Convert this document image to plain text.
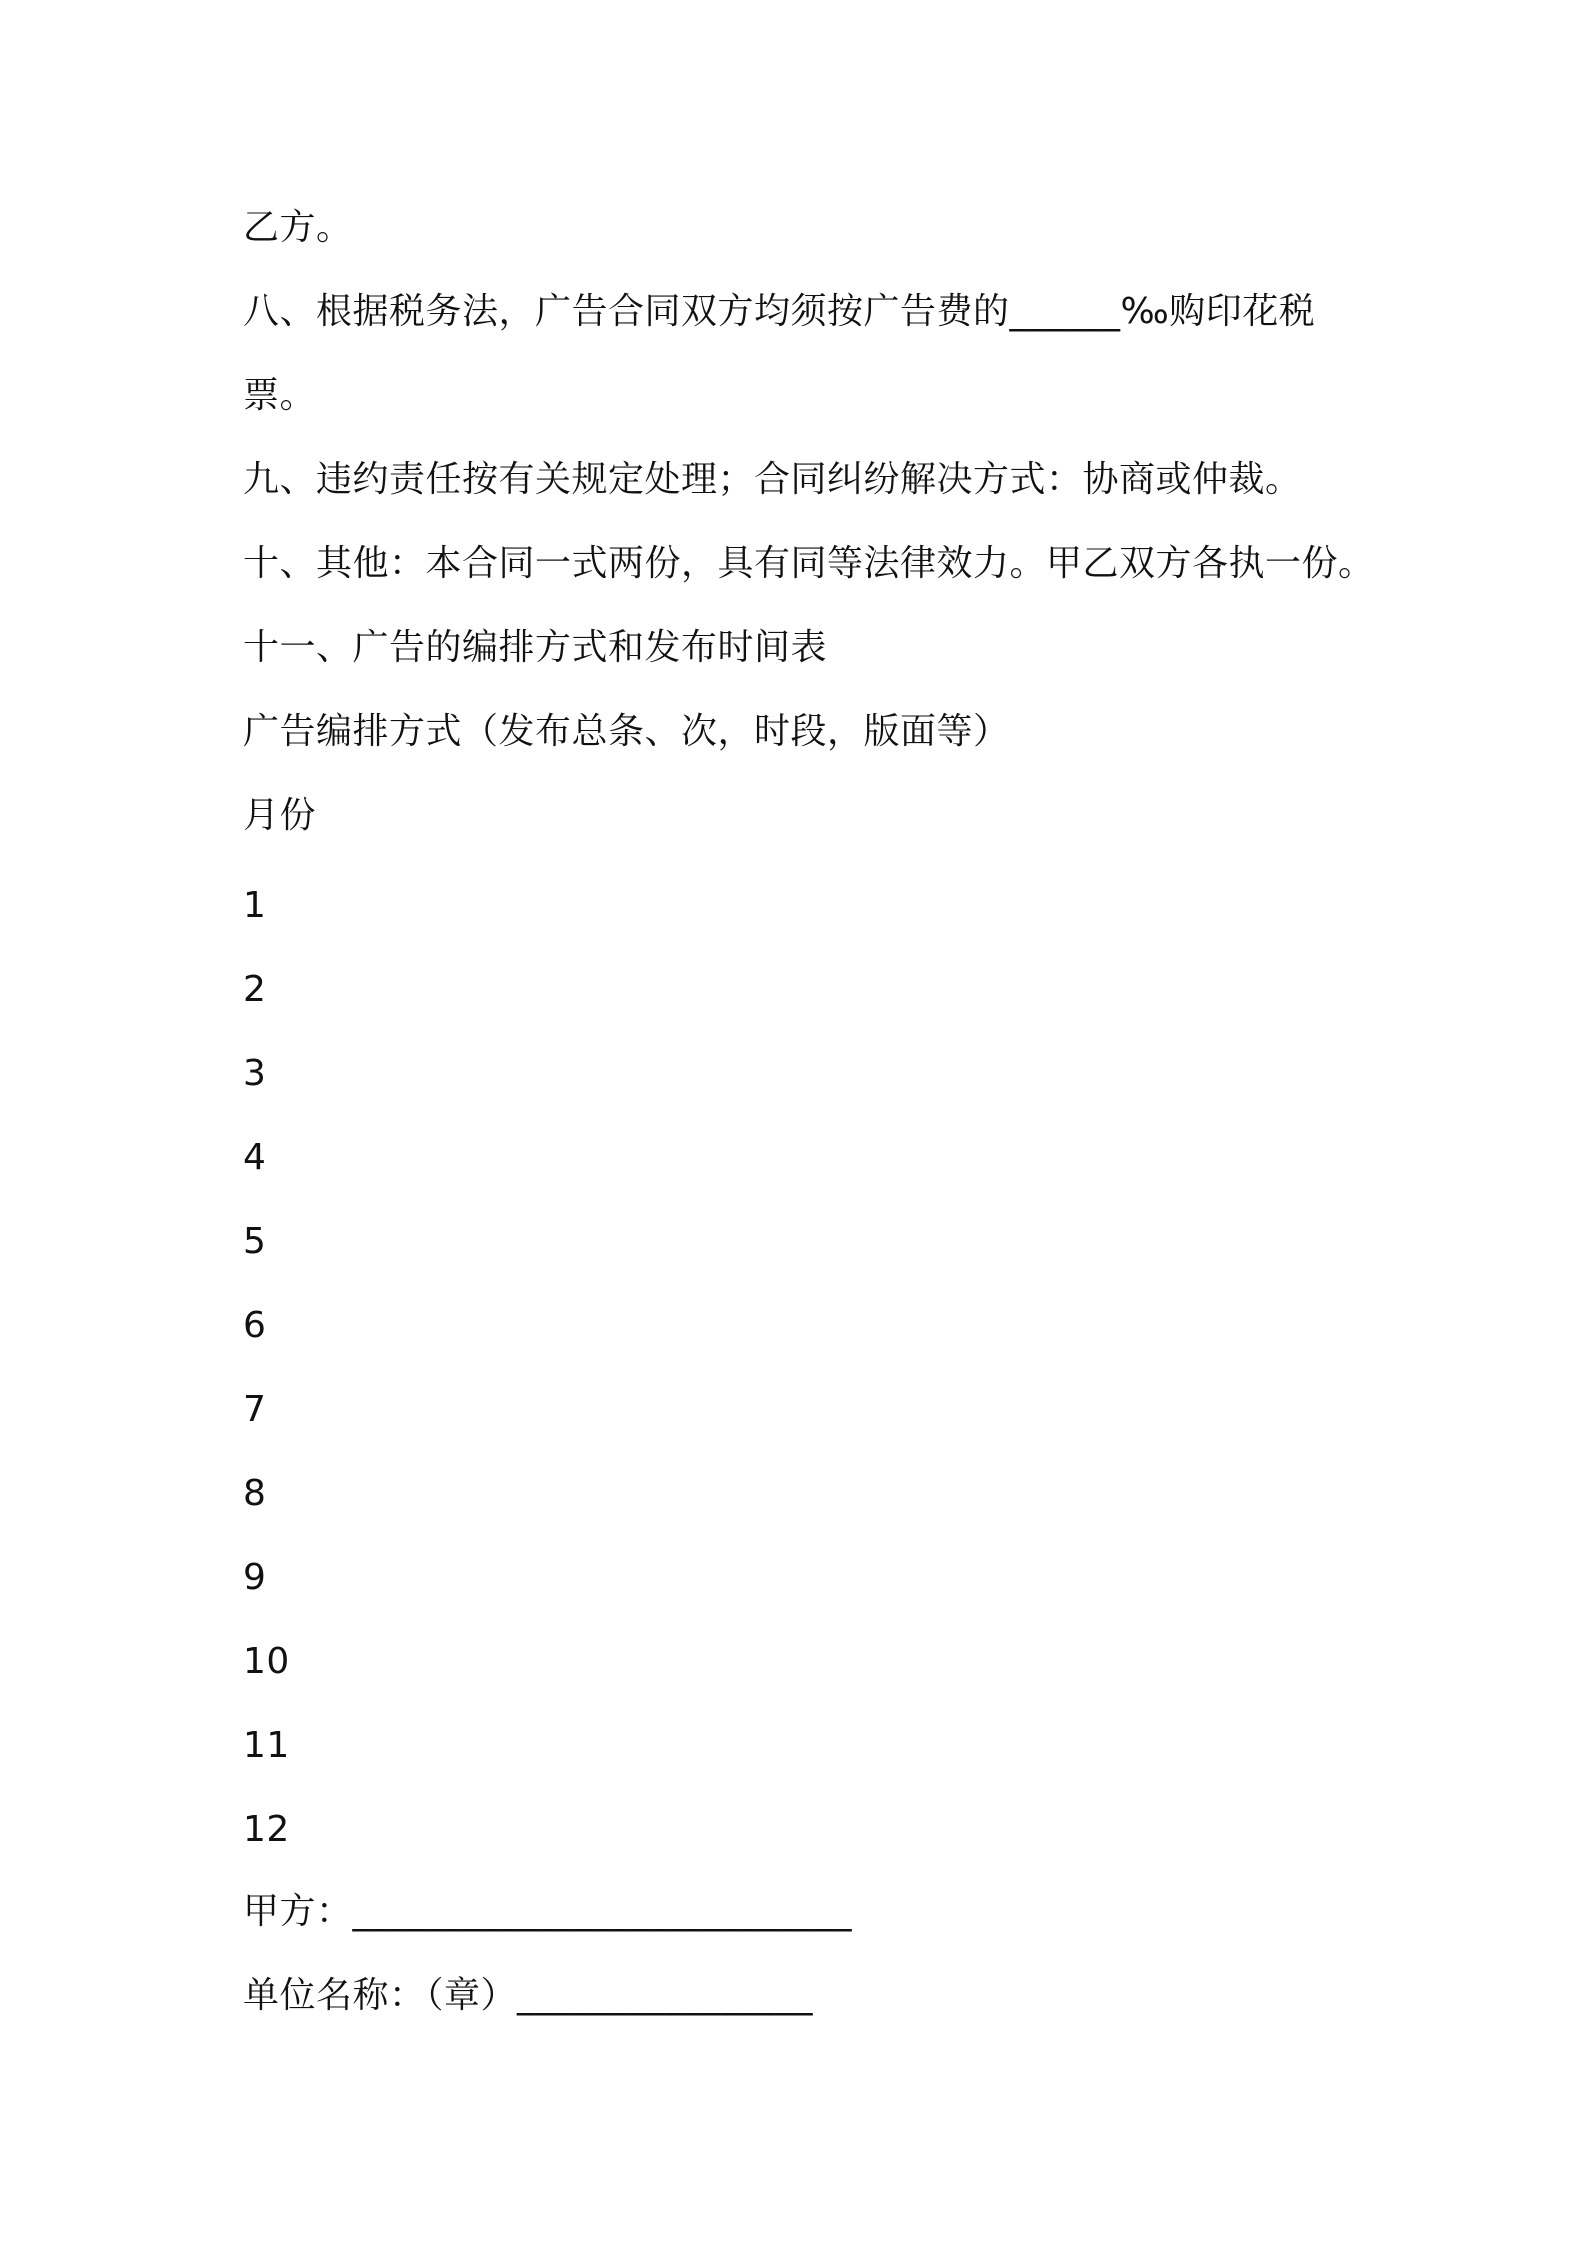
乙方。
八、根据税务法，广告合同双方均须按广告费的______‰购印花税
票。
九、违约责任按有关规定处理；合同纠纷解决方式：协商或仲裁。
十、其他：本合同一式两份，具有同等法律效力。甲乙双方各执一份。
十一、广告的编排方式和发布时间表
广告编排方式（发布总条、次，时段，版面等）
月份
1
2
3
4
5
6
7
8
9
10
11
12
甲方：___________________________
单位名称：（章）________________
